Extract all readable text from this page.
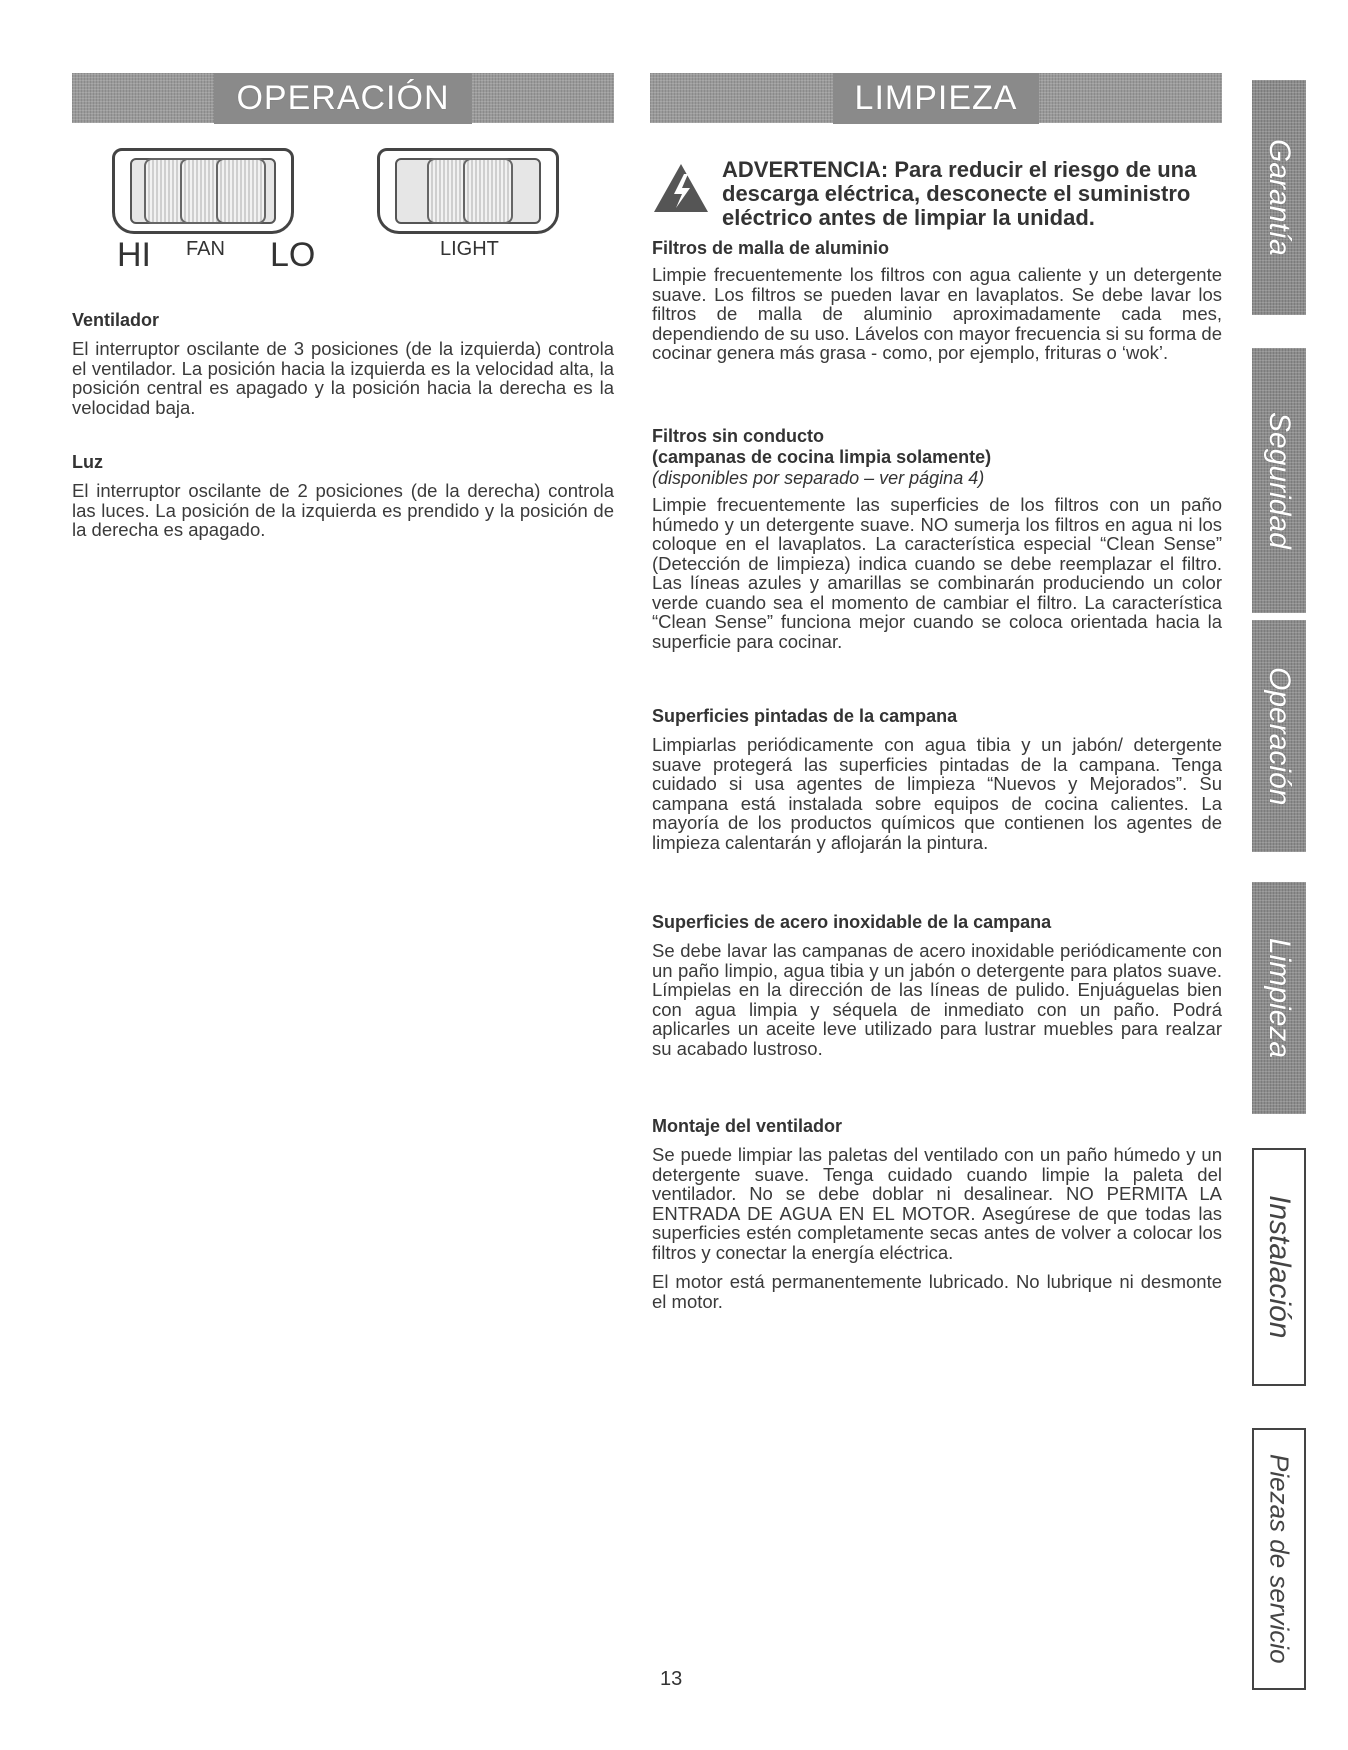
OPERACIÓN	LIMPIEZA
HI FAN LO	LIGHT
Ventilador

El interruptor oscilante de 3 posiciones (de la izquierda) controla el ventilador. La posición hacia la izquierda es la velocidad alta, la posición central es apagado y la posición hacia la derecha es la velocidad baja.

Luz

El interruptor oscilante de 2 posiciones (de la derecha) controla las luces. La posición de la izquierda es prendido y la posición de la derecha es apagado.

ADVERTENCIA: Para reducir el riesgo de una descarga eléctrica, desconecte el suministro eléctrico antes de limpiar la unidad.
Filtros de malla de aluminio

Limpie frecuentemente los filtros con agua caliente y un detergente suave. Los filtros se pueden lavar en lavaplatos. Se debe lavar los filtros de malla de aluminio aproximadamente cada mes, dependiendo de su uso. Lávelos con mayor frecuencia si su forma de cocinar genera más grasa - como, por ejemplo, frituras o ‘wok’.

Filtros sin conducto
(campanas de cocina limpia solamente)
(disponibles por separado – ver página 4)

Limpie frecuentemente las superficies de los filtros con un paño húmedo y un detergente suave. NO sumerja los filtros en agua ni los coloque en el lavaplatos. La característica especial “Clean Sense” (Detección de limpieza) indica cuando se debe reemplazar el filtro. Las líneas azules y amarillas se combinarán produciendo un color verde cuando sea el momento de cambiar el filtro. La característica “Clean Sense” funciona mejor cuando se coloca orientada hacia la superficie para cocinar.

Superficies pintadas de la campana

Limpiarlas periódicamente con agua tibia y un jabón/ detergente suave protegerá las superficies pintadas de la campana. Tenga cuidado si usa agentes de limpieza “Nuevos y Mejorados”. Su campana está instalada sobre equipos de cocina calientes. La mayoría de los productos químicos que contienen los agentes de limpieza calentarán y aflojarán la pintura.

Superficies de acero inoxidable de la campana

Se debe lavar las campanas de acero inoxidable periódicamente con un paño limpio, agua tibia y un jabón o detergente para platos suave. Límpielas en la dirección de las líneas de pulido. Enjuáguelas bien con agua limpia y séquela de inmediato con un paño. Podrá aplicarles un aceite leve utilizado para lustrar muebles para realzar su acabado lustroso.

Montaje del ventilador

Se puede limpiar las paletas del ventilado con un paño húmedo y un detergente suave. Tenga cuidado cuando limpie la paleta del ventilador. No se debe doblar ni desalinear. NO PERMITA LA ENTRADA DE AGUA EN EL MOTOR. Asegúrese de que todas las superficies estén completamente secas antes de volver a colocar los filtros y conectar la energía eléctrica.

El motor está permanentemente lubricado. No lubrique ni desmonte el motor.

13
Garantía
Seguridad
Operación
Limpieza
Instalación
Piezas de servicio
